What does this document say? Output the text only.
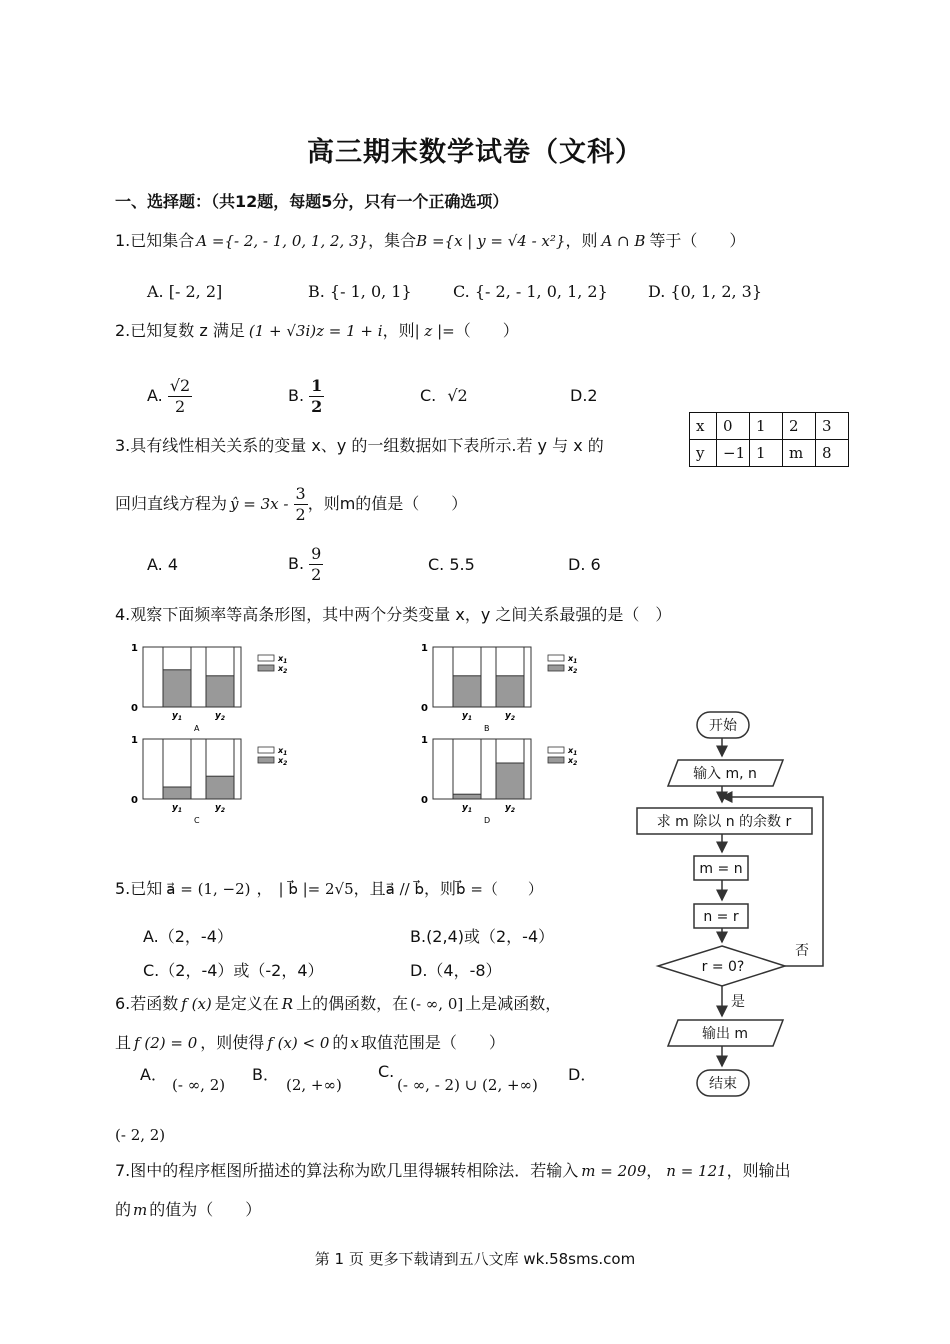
高三期末数学试卷（文科）
一、选择题：（共12题，每题5分，只有一个正确选项）
1.已知集合 A ={- 2, - 1, 0, 1, 2, 3}，集合B ={x | y = √4 - x²}，则 A ∩ B 等于（　　）
A. [- 2, 2]	B. {- 1, 0, 1}	C. {- 2, - 1, 0, 1, 2}	D. {0, 1, 2, 3}
2.已知复数 z 满足 (1 + √3i)z = 1 + i，则| z |=（　　）
A. $\frac{√2}{2}$	B. $\frac{1}{2}$	C. √2	D.2
3.具有线性相关关系的变量 x、y 的一组数据如下表所示.若 y 与 x 的
x	0	1	2	3
y	−1	1	m	8
回归直线方程为 ŷ = $3x - \frac{3}{2}$ ，则m的值是（　　）
A. 4	B. $\frac{9}{2}$	C. 5.5	D. 6
4.观察下面频率等高条形图，其中两个分类变量 x，y 之间关系最强的是（　）
1
0
$y_1$	$y_2$
$x_1$
$x_2$
A
1
0
$y_1$	$y_2$
$x_1$
$x_2$
B
1
0
$y_1$	$y_2$
$x_1$
$x_2$
C
1
0
$y_1$	$y_2$
$x_1$
$x_2$
D
5.已知 a⃗ = (1, −2) ， | b⃗ |= 2√5，且a⃗ // b⃗，则b⃗ =（　　）
A.（2，-4）	B.(2,4)或（2，-4）
C.（2，-4）或（-2，4）	D.（4，-8）
6.若函数 f (x) 是定义在 R 上的偶函数，在 (- ∞, 0] 上是减函数，
且 f (2) = 0 ，则使得 f (x) < 0 的 x 取值范围是（　　）
A．
(- ∞, 2)
B．
(2, +∞)
C.
(- ∞, - 2) ∪ (2, +∞)
D．
(- 2, 2)
7.图中的程序框图所描述的算法称为欧几里得辗转相除法．若输入 m = 209， n = 121，则输出
的 m 的值为（　　）
开始
输入 m, n
求 m 除以 n 的余数 r
m = n
n = r
r = 0?
否
是
输出 m
结束
第 1 页 更多下载请到五八文库 wk.58sms.com
